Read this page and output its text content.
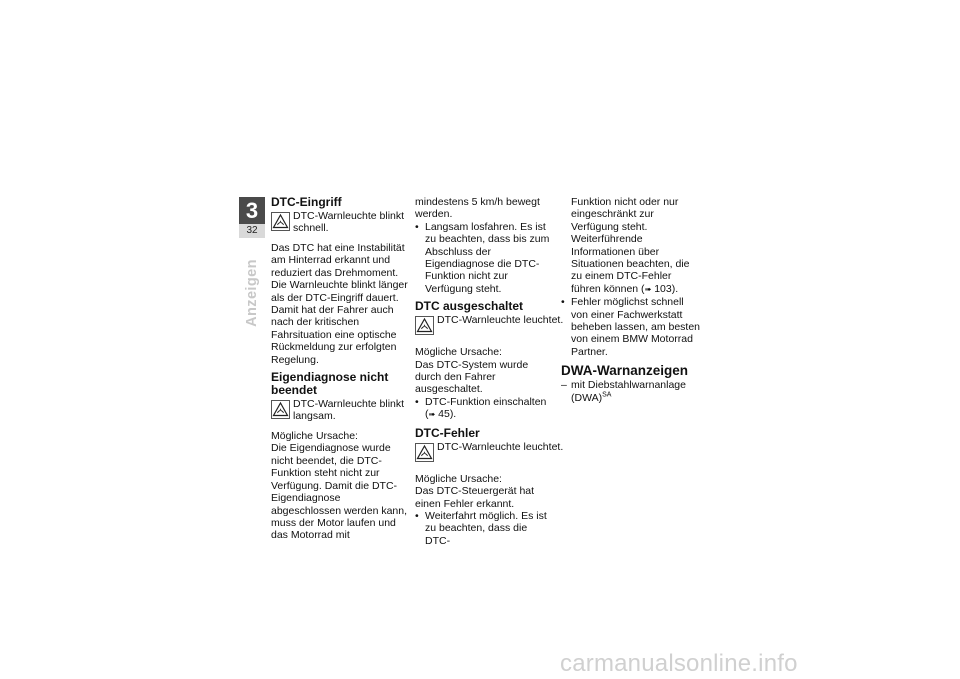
3
32
Anzeigen
DTC-Eingriff

DTC-Warnleuchte blinkt schnell.

Das DTC hat eine Instabilität am Hinterrad erkannt und reduziert das Drehmoment. Die Warnleuchte blinkt länger als der DTC-Eingriff dauert. Damit hat der Fahrer auch nach der kritischen Fahrsituation eine optische Rückmeldung zur erfolgten Regelung.

Eigendiagnose nicht beendet

DTC-Warnleuchte blinkt langsam.

Mögliche Ursache:

Die Eigendiagnose wurde nicht beendet, die DTC-Funktion steht nicht zur Verfügung. Damit die DTC-Eigendiagnose abgeschlossen werden kann, muss der Motor laufen und das Motorrad mit

mindestens 5 km/h bewegt werden.

• Langsam losfahren. Es ist zu beachten, dass bis zum Abschluss der Eigendiagnose die DTC-Funktion nicht zur Verfügung steht.
DTC ausgeschaltet

DTC-Warnleuchte leuchtet.

Mögliche Ursache:

Das DTC-System wurde durch den Fahrer ausgeschaltet.

• DTC-Funktion einschalten
(➠ 45).
DTC-Fehler

DTC-Warnleuchte leuchtet.

Mögliche Ursache:

Das DTC-Steuergerät hat einen Fehler erkannt.

• Weiterfahrt möglich. Es ist zu beachten, dass die DTC-

Funktion nicht oder nur eingeschränkt zur Verfügung steht. Weiterführende Informationen über Situationen beachten, die zu einem DTC-Fehler führen können (➠ 103).

• Fehler möglichst schnell von einer Fachwerkstatt beheben lassen, am besten von einem BMW Motorrad Partner.
DWA-Warnanzeigen
– mit Diebstahlwarnanlage (DWA)$^{SA}$
carmanualsonline.info
